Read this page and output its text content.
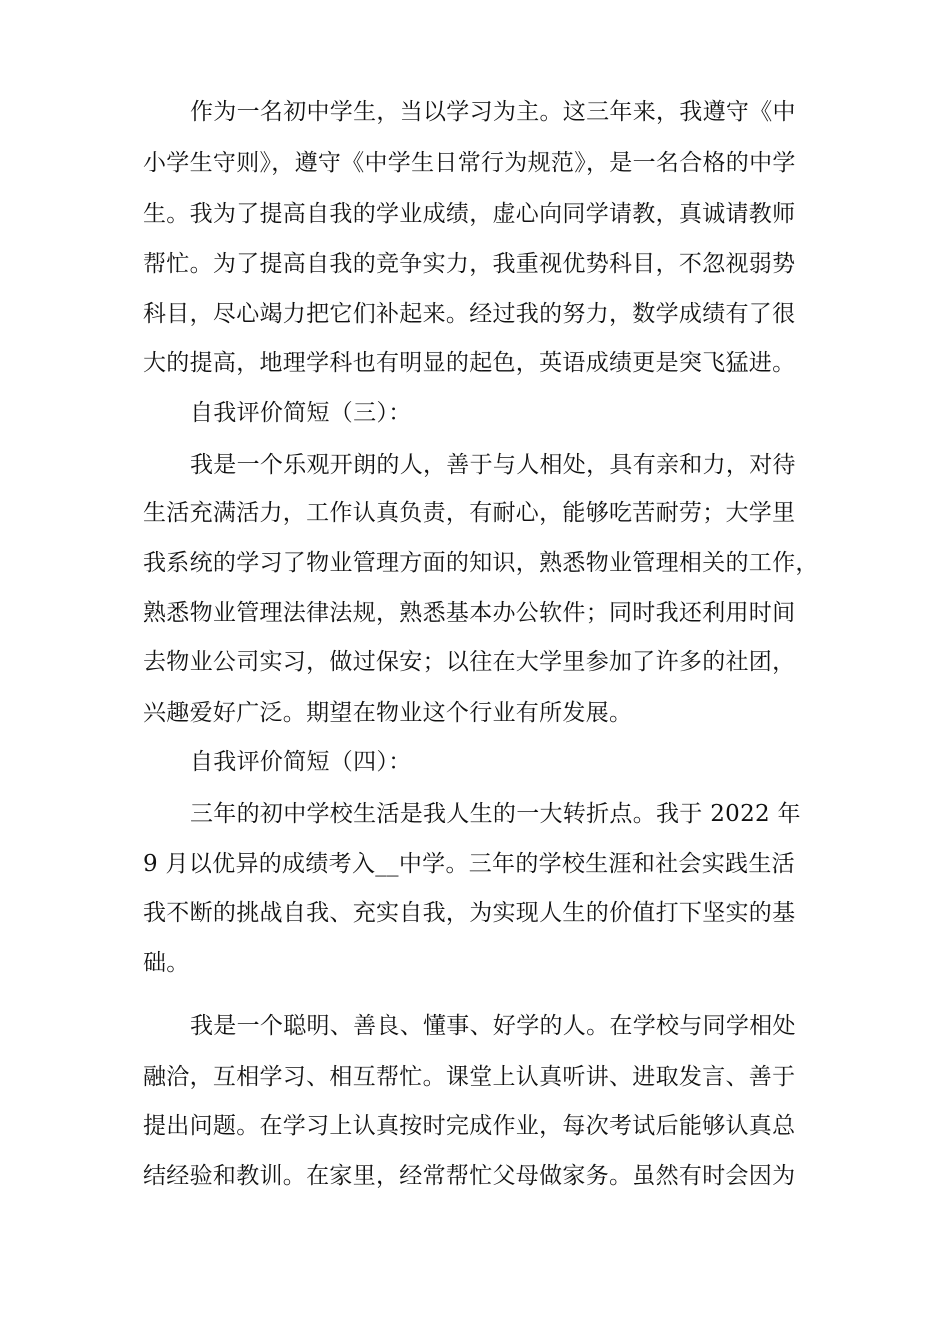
作为一名初中学生，当以学习为主。这三年来，我遵守《中
小学生守则》，遵守《中学生日常行为规范》，是一名合格的中学
生。我为了提高自我的学业成绩，虚心向同学请教，真诚请教师
帮忙。为了提高自我的竞争实力，我重视优势科目，不忽视弱势
科目，尽心竭力把它们补起来。经过我的努力，数学成绩有了很
大的提高，地理学科也有明显的起色，英语成绩更是突飞猛进。
自我评价简短（三）：
我是一个乐观开朗的人，善于与人相处，具有亲和力，对待
生活充满活力，工作认真负责，有耐心，能够吃苦耐劳；大学里
我系统的学习了物业管理方面的知识，熟悉物业管理相关的工作，
熟悉物业管理法律法规，熟悉基本办公软件；同时我还利用时间
去物业公司实习，做过保安；以往在大学里参加了许多的社团，
兴趣爱好广泛。期望在物业这个行业有所发展。
自我评价简短（四）：
三年的初中学校生活是我人生的一大转折点。我于 2022 年
9 月以优异的成绩考入__中学。三年的学校生涯和社会实践生活
我不断的挑战自我、充实自我，为实现人生的价值打下坚实的基
础。
我是一个聪明、善良、懂事、好学的人。在学校与同学相处
融洽，互相学习、相互帮忙。课堂上认真听讲、进取发言、善于
提出问题。在学习上认真按时完成作业，每次考试后能够认真总
结经验和教训。在家里，经常帮忙父母做家务。虽然有时会因为
